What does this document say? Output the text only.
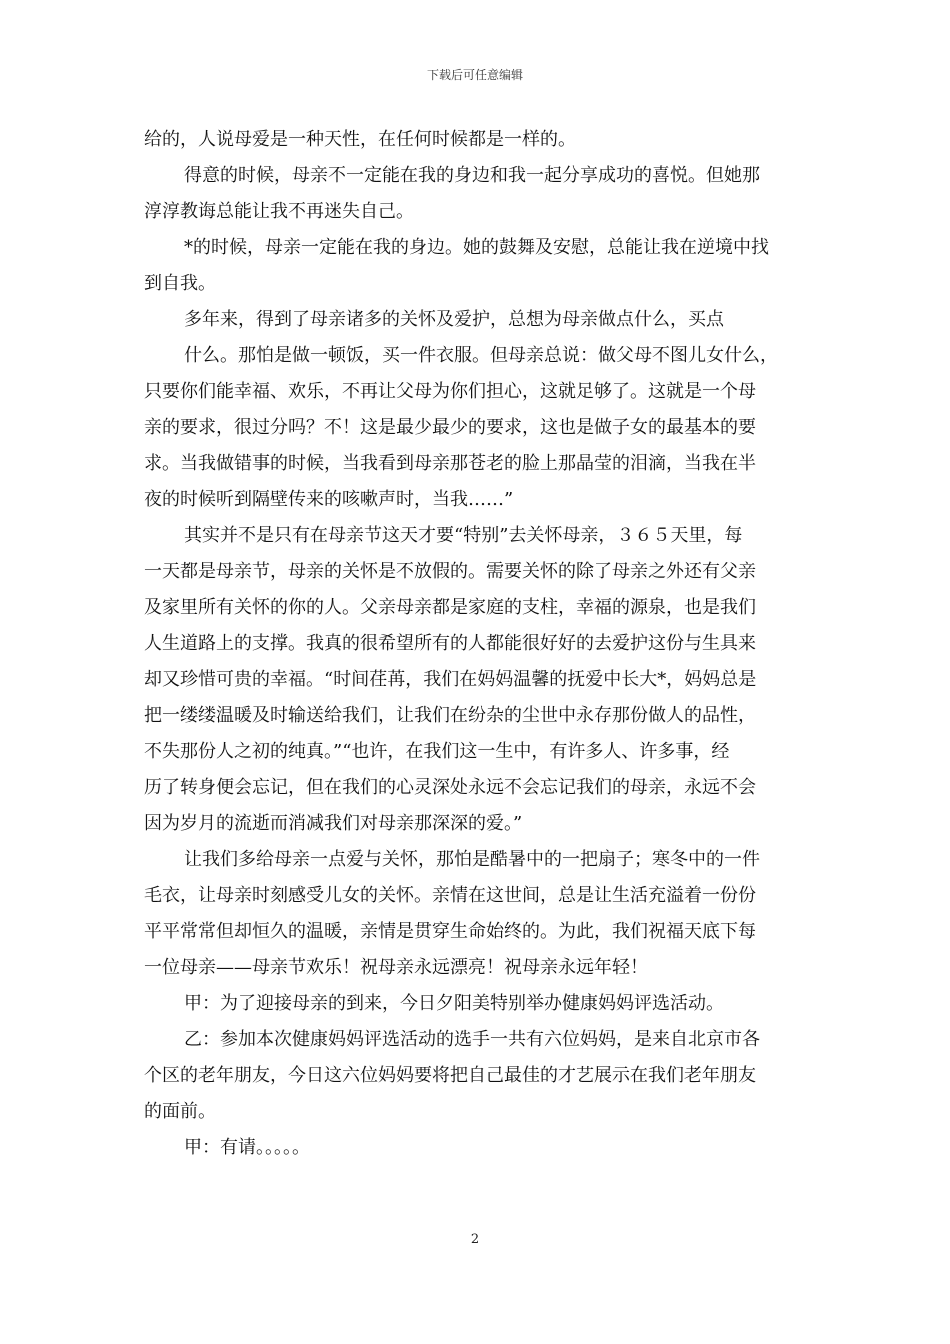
下载后可任意编辑

给的，人说母爱是一种天性，在任何时候都是一样的。

得意的时候，母亲不一定能在我的身边和我一起分享成功的喜悦。但她那
淳淳教诲总能让我不再迷失自己。

*的时候，母亲一定能在我的身边。她的鼓舞及安慰，总能让我在逆境中找
到自我。

多年来，得到了母亲诸多的关怀及爱护，总想为母亲做点什么，买点

什么。那怕是做一顿饭，买一件衣服。但母亲总说：做父母不图儿女什么，
只要你们能幸福、欢乐，不再让父母为你们担心，这就足够了。这就是一个母
亲的要求，很过分吗？不！这是最少最少的要求，这也是做子女的最基本的要
求。当我做错事的时候，当我看到母亲那苍老的脸上那晶莹的泪滴，当我在半
夜的时候听到隔壁传来的咳嗽声时，当我……”

其实并不是只有在母亲节这天才要“特别”去关怀母亲，３６５天里，每
一天都是母亲节，母亲的关怀是不放假的。需要关怀的除了母亲之外还有父亲
及家里所有关怀的你的人。父亲母亲都是家庭的支柱，幸福的源泉，也是我们
人生道路上的支撑。我真的很希望所有的人都能很好好的去爱护这份与生具来
却又珍惜可贵的幸福。“时间荏苒，我们在妈妈温馨的抚爱中长大*，妈妈总是
把一缕缕温暖及时输送给我们，让我们在纷杂的尘世中永存那份做人的品性，
不失那份人之初的纯真。”“也许，在我们这一生中，有许多人、许多事，经
历了转身便会忘记，但在我们的心灵深处永远不会忘记我们的母亲，永远不会
因为岁月的流逝而消减我们对母亲那深深的爱。”

让我们多给母亲一点爱与关怀，那怕是酷暑中的一把扇子；寒冬中的一件
毛衣，让母亲时刻感受儿女的关怀。亲情在这世间，总是让生活充溢着一份份
平平常常但却恒久的温暖，亲情是贯穿生命始终的。为此，我们祝福天底下每
一位母亲——母亲节欢乐！祝母亲永远漂亮！祝母亲永远年轻！

甲：为了迎接母亲的到来，今日夕阳美特别举办健康妈妈评选活动。

乙：参加本次健康妈妈评选活动的选手一共有六位妈妈，是来自北京市各
个区的老年朋友，今日这六位妈妈要将把自己最佳的才艺展示在我们老年朋友
的面前。

甲：有请。。。。。

2
